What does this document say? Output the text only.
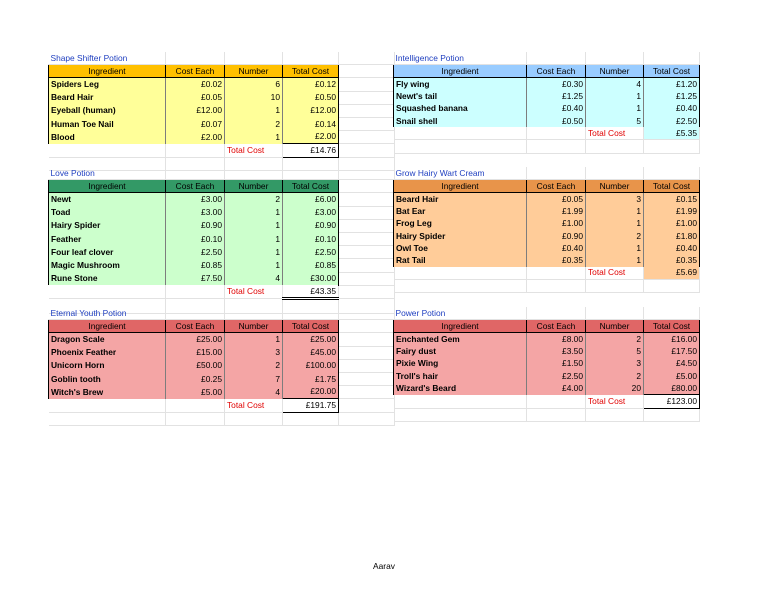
Shape Shifter Potion				
Ingredient	Cost Each	Number	Total Cost	
Spiders Leg	£0.02	6	£0.12	
Beard Hair	£0.05	10	£0.50	
Eyeball (human)	£12.00	1	£12.00	
Human Toe Nail	£0.07	2	£0.14	
Blood	£2.00	1	£2.00	
		Total Cost	£14.76	

Intelligence Potion			
Ingredient	Cost Each	Number	Total Cost
Fly wing	£0.30	4	£1.20
Newt's tail	£1.25	1	£1.25
Squashed banana	£0.40	1	£0.40
Snail shell	£0.50	5	£2.50
		Total Cost	£5.35

Love Potion				
Ingredient	Cost Each	Number	Total Cost	
Newt	£3.00	2	£6.00	
Toad	£3.00	1	£3.00	
Hairy Spider	£0.90	1	£0.90	
Feather	£0.10	1	£0.10	
Four leaf clover	£2.50	1	£2.50	
Magic Mushroom	£0.85	1	£0.85	
Rune Stone	£7.50	4	£30.00	
		Total Cost	£43.35	

Grow Hairy Wart Cream			
Ingredient	Cost Each	Number	Total Cost
Beard Hair	£0.05	3	£0.15
Bat Ear	£1.99	1	£1.99
Frog Leg	£1.00	1	£1.00
Hairy Spider	£0.90	2	£1.80
Owl Toe	£0.40	1	£0.40
Rat Tail	£0.35	1	£0.35
		Total Cost	£5.69

Eternal Youth Potion				
Ingredient	Cost Each	Number	Total Cost	
Dragon Scale	£25.00	1	£25.00	
Phoenix Feather	£15.00	3	£45.00	
Unicorn Horn	£50.00	2	£100.00	
Goblin tooth	£0.25	7	£1.75	
Witch's Brew	£5.00	4	£20.00	
		Total Cost	£191.75	

Power Potion			
Ingredient	Cost Each	Number	Total Cost
Enchanted Gem	£8.00	2	£16.00
Fairy dust	£3.50	5	£17.50
Pixie Wing	£1.50	3	£4.50
Troll's hair	£2.50	2	£5.00
Wizard's Beard	£4.00	20	£80.00
		Total Cost	£123.00

Aarav
